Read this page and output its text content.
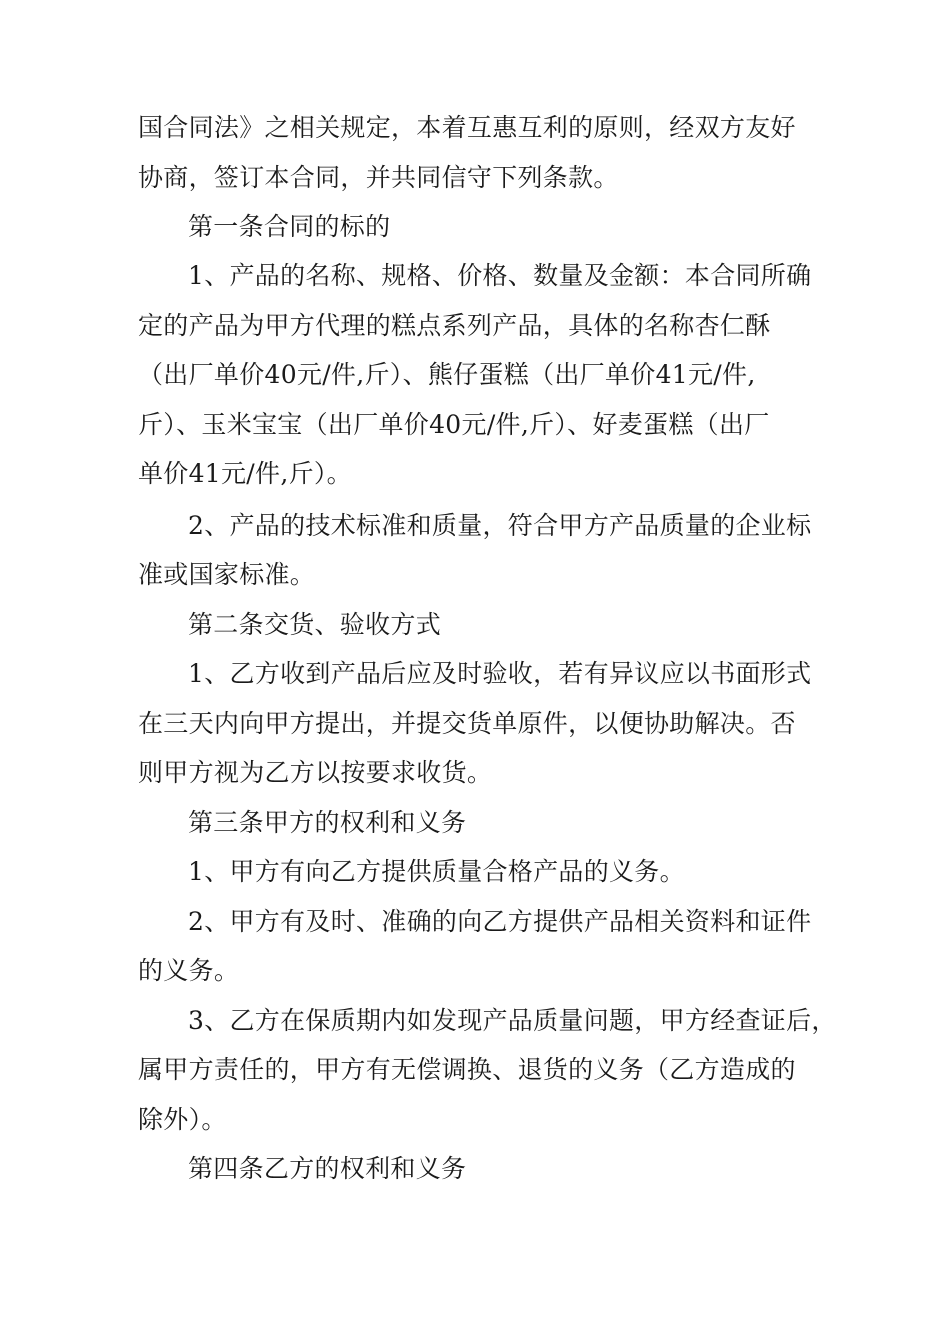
国合同法》之相关规定，本着互惠互利的原则，经双方友好

协商，签订本合同，并共同信守下列条款。

第一条合同的标的

1、产品的名称、规格、价格、数量及金额：本合同所确

定的产品为甲方代理的糕点系列产品，具体的名称杏仁酥

（出厂单价40元/件,斤）、熊仔蛋糕（出厂单价41元/件,

斤）、玉米宝宝（出厂单价40元/件,斤）、好麦蛋糕（出厂

单价41元/件,斤）。

2、产品的技术标准和质量，符合甲方产品质量的企业标

准或国家标准。

第二条交货、验收方式

1、乙方收到产品后应及时验收，若有异议应以书面形式

在三天内向甲方提出，并提交货单原件，以便协助解决。否

则甲方视为乙方以按要求收货。

第三条甲方的权利和义务

1、甲方有向乙方提供质量合格产品的义务。

2、甲方有及时、准确的向乙方提供产品相关资料和证件

的义务。

3、乙方在保质期内如发现产品质量问题，甲方经查证后，

属甲方责任的，甲方有无偿调换、退货的义务（乙方造成的

除外）。

第四条乙方的权利和义务
